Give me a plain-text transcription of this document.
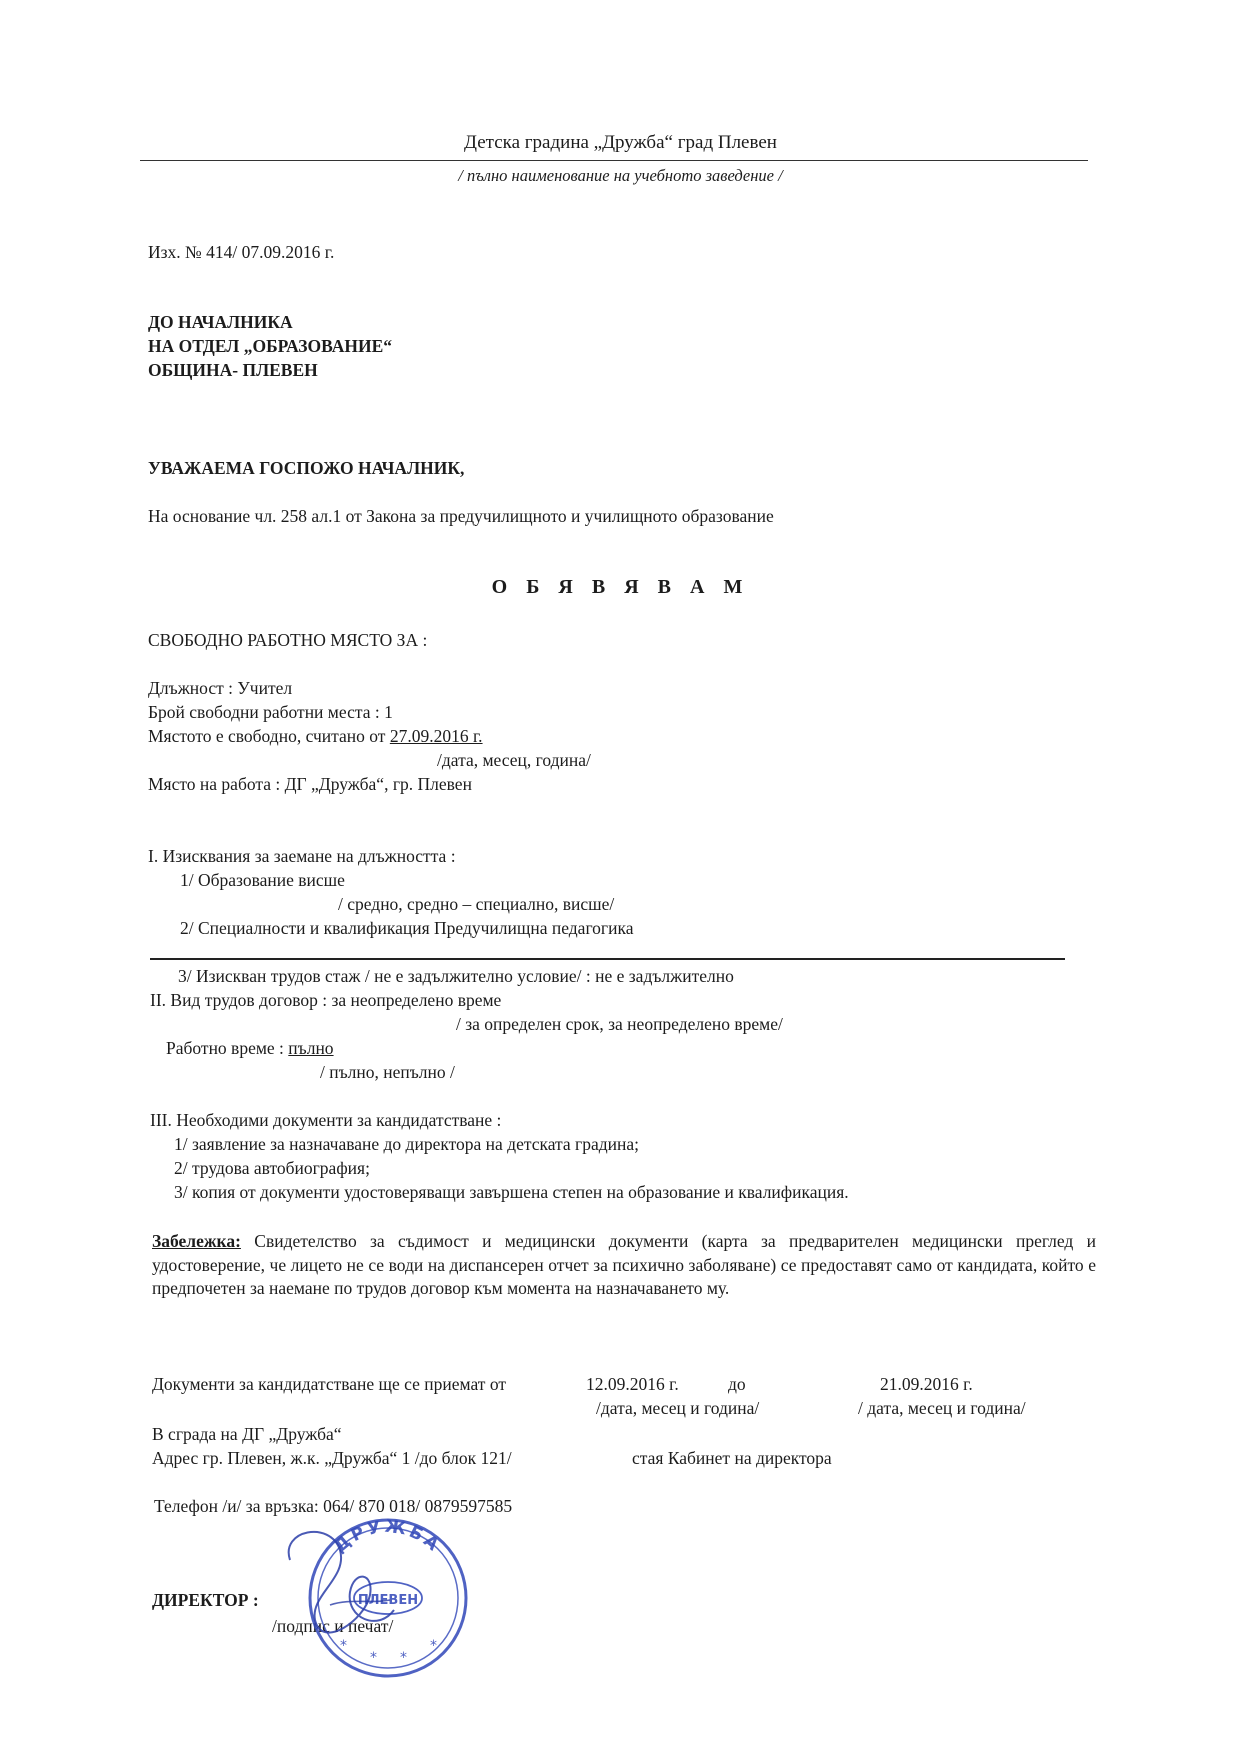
Детска градина „Дружба“ град Плевен
/ пълно наименование на учебното заведение /
Изх. № 414/ 07.09.2016 г.
ДО НАЧАЛНИКА
НА ОТДЕЛ „ОБРАЗОВАНИЕ“
ОБЩИНА- ПЛЕВЕН
УВАЖАЕМА ГОСПОЖО НАЧАЛНИК,
На основание чл. 258 ал.1 от Закона за предучилищното и училищното образование
О Б Я В Я В А М
СВОБОДНО РАБОТНО МЯСТО ЗА :
Длъжност : Учител
Брой свободни работни места : 1
Мястото е свободно, считано от 27.09.2016 г.
/дата, месец, година/
Място на работа : ДГ „Дружба“, гр. Плевен
I. Изисквания за заемане на длъжността :
1/ Образование висше
/ средно, средно – специално, висше/
2/ Специалности и квалификация Предучилищна педагогика
3/ Изискван трудов стаж / не е задължително условие/ : не е задължително
II. Вид трудов договор : за неопределено време
/ за определен срок, за неопределено време/
Работно време : пълно
/ пълно, непълно /
III. Необходими документи за кандидатстване :
1/ заявление за назначаване до директора на детската градина;
2/ трудова автобиография;
3/ копия от документи удостоверяващи завършена степен на образование и квалификация.
Забележка: Свидетелство за съдимост и медицински документи (карта за предварителен медицински преглед и удостоверение, че лицето не се води на диспансерен отчет за психично заболяване) се предоставят само от кандидата, който е предпочетен за наемане по трудов договор към момента на назначаването му.
Документи за кандидатстване ще се приемат от	12.09.2016 г.	до	21.09.2016 г.
/дата, месец и година/	/ дата, месец и година/
В сграда на ДГ „Дружба“
Адрес гр. Плевен, ж.к. „Дружба“ 1 /до блок 121/	стая Кабинет на директора
Телефон /и/ за връзка: 064/ 870 018/ 0879597585
ДИРЕКТОР :
/подпис и печат/
ДРУЖБА
ПЛЕВЕН
*
* *
*
